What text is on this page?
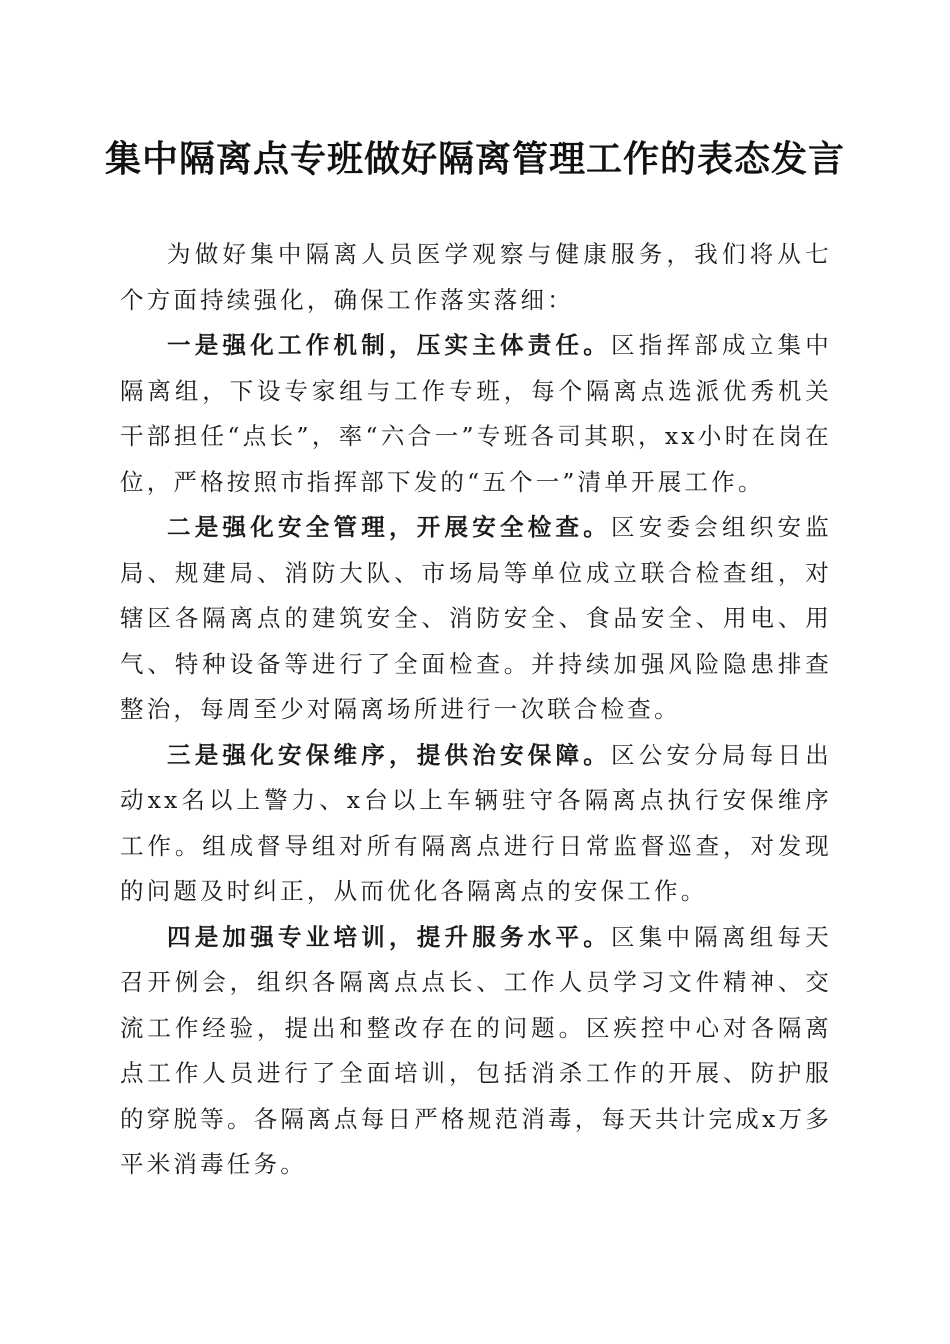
集中隔离点专班做好隔离管理工作的表态发言

为做好集中隔离人员医学观察与健康服务，我们将从七个方面持续强化，确保工作落实落细：

一是强化工作机制，压实主体责任。区指挥部成立集中隔离组，下设专家组与工作专班，每个隔离点选派优秀机关干部担任“点长”，率“六合一”专班各司其职，xx小时在岗在位，严格按照市指挥部下发的“五个一”清单开展工作。

二是强化安全管理，开展安全检查。区安委会组织安监局、规建局、消防大队、市场局等单位成立联合检查组，对辖区各隔离点的建筑安全、消防安全、食品安全、用电、用气、特种设备等进行了全面检查。并持续加强风险隐患排查整治，每周至少对隔离场所进行一次联合检查。

三是强化安保维序，提供治安保障。区公安分局每日出动xx名以上警力、x台以上车辆驻守各隔离点执行安保维序工作。组成督导组对所有隔离点进行日常监督巡查，对发现的问题及时纠正，从而优化各隔离点的安保工作。

四是加强专业培训，提升服务水平。区集中隔离组每天召开例会，组织各隔离点点长、工作人员学习文件精神、交流工作经验，提出和整改存在的问题。区疾控中心对各隔离点工作人员进行了全面培训，包括消杀工作的开展、防护服的穿脱等。各隔离点每日严格规范消毒，每天共计完成x万多平米消毒任务。
